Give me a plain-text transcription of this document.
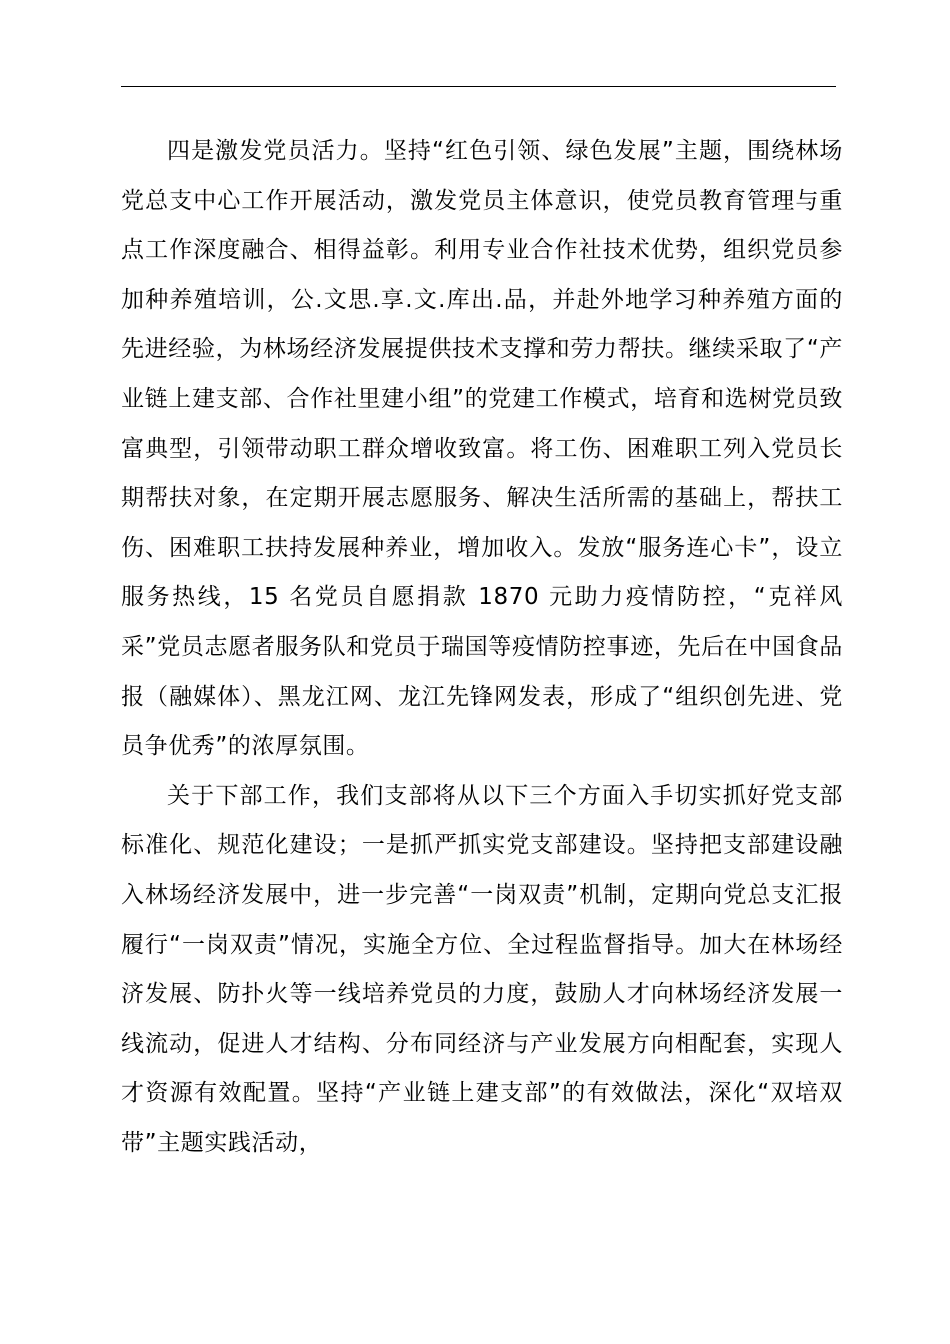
四是激发党员活力。坚持“红色引领、绿色发展”主题，围绕林场党总支中心工作开展活动，激发党员主体意识，使党员教育管理与重点工作深度融合、相得益彰。利用专业合作社技术优势，组织党员参加种养殖培训，公.文思.享.文.库出.品，并赴外地学习种养殖方面的先进经验，为林场经济发展提供技术支撑和劳力帮扶。继续采取了“产业链上建支部、合作社里建小组”的党建工作模式，培育和选树党员致富典型，引领带动职工群众增收致富。将工伤、困难职工列入党员长期帮扶对象，在定期开展志愿服务、解决生活所需的基础上，帮扶工伤、困难职工扶持发展种养业，增加收入。发放“服务连心卡”，设立服务热线，15 名党员自愿捐款 1870 元助力疫情防控，“克祥风采”党员志愿者服务队和党员于瑞国等疫情防控事迹，先后在中国食品报（融媒体）、黑龙江网、龙江先锋网发表，形成了“组织创先进、党员争优秀”的浓厚氛围。

关于下部工作，我们支部将从以下三个方面入手切实抓好党支部标准化、规范化建设；一是抓严抓实党支部建设。坚持把支部建设融入林场经济发展中，进一步完善“一岗双责”机制，定期向党总支汇报履行“一岗双责”情况，实施全方位、全过程监督指导。加大在林场经济发展、防扑火等一线培养党员的力度，鼓励人才向林场经济发展一线流动，促进人才结构、分布同经济与产业发展方向相配套，实现人才资源有效配置。坚持“产业链上建支部”的有效做法，深化“双培双带”主题实践活动，
